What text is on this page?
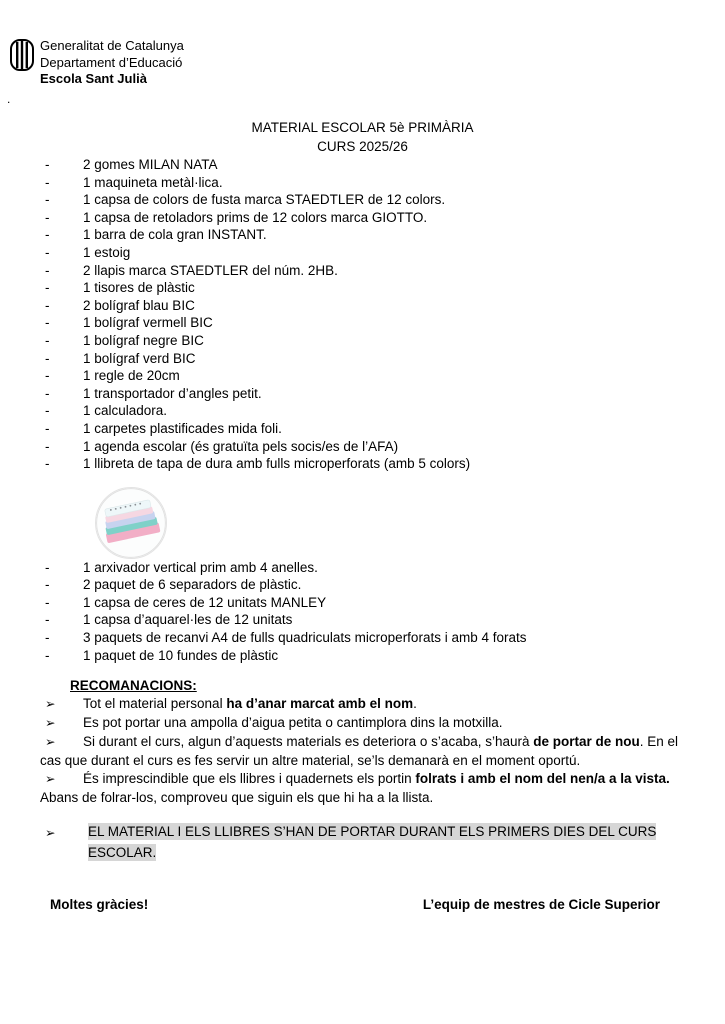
Generalitat de Catalunya Departament d’Educació Escola Sant Julià

.
MATERIAL ESCOLAR 5è PRIMÀRIA
CURS 2025/26
-	2 gomes MILAN NATA
-	1 maquineta metàl·lica.
-	1 capsa de colors de fusta marca STAEDTLER de 12 colors.
-	1 capsa de retoladors prims de 12 colors marca GIOTTO.
-	1 barra de cola gran INSTANT.
-	1 estoig
-	2 llapis marca STAEDTLER del núm. 2HB.
-	1 tisores de plàstic
-	2 bolígraf blau BIC
-	1 bolígraf vermell BIC
-	1 bolígraf negre BIC
-	1 bolígraf verd BIC
-	1 regle de 20cm
-	1 transportador d’angles petit.
-	1 calculadora.
-	1 carpetes plastificades mida foli.
-	1 agenda escolar (és gratuïta pels socis/es de l’AFA)
-	1 llibreta de tapa de dura amb fulls microperforats (amb 5 colors)
-	1 arxivador vertical prim amb 4 anelles.
-	2 paquet de 6 separadors de plàstic.
-	1 capsa de ceres de 12 unitats MANLEY
-	1 capsa d’aquarel·les de 12 unitats
-	3 paquets de recanvi A4 de fulls quadriculats microperforats i amb 4 forats
-	1 paquet de 10 fundes de plàstic
RECOMANACIONS:

➢ Tot el material personal ha d’anar marcat amb el nom.

➢ Es pot portar una ampolla d’aigua petita o cantimplora dins la motxilla.

➢ Si durant el curs, algun d’aquests materials es deteriora o s’acaba, s’haurà de portar de nou. En el cas que durant el curs es fes servir un altre material, se’ls demanarà en el moment oportú.

➢ És imprescindible que els llibres i quadernets els portin folrats i amb el nom del nen/a a la vista. Abans de folrar-los, comproveu que siguin els que hi ha a la llista.

➢ EL MATERIAL I ELS LLIBRES S’HAN DE PORTAR DURANT ELS PRIMERS DIES DEL CURS ESCOLAR.

Moltes gràcies!	L’equip de mestres de Cicle Superior
